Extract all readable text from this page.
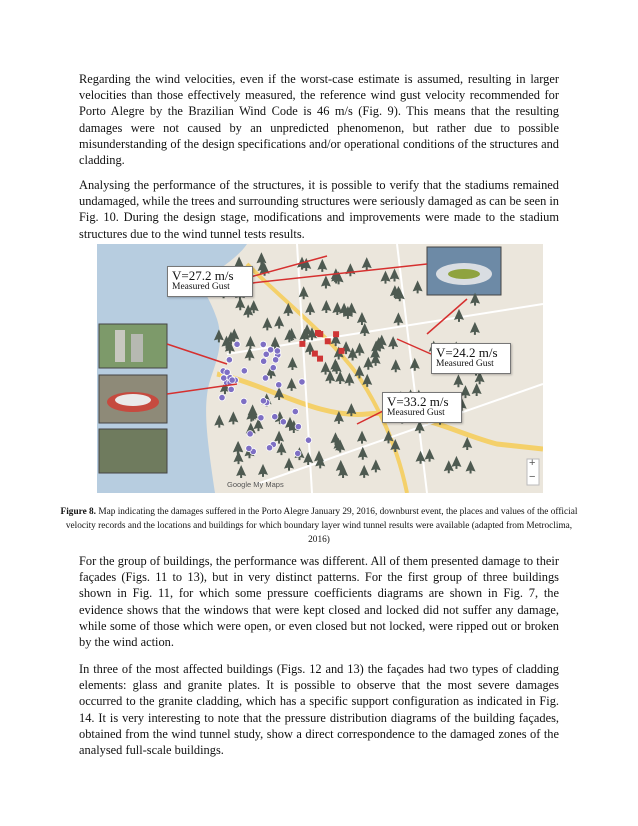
Regarding the wind velocities, even if the worst-case estimate is assumed, resulting in larger velocities than those effectively measured, the reference wind gust velocity recommended for Porto Alegre by the Brazilian Wind Code is 46 m/s (Fig. 9). This means that the resulting damages were not caused by an unpredicted phenomenon, but rather due to possible misunderstanding of the design specifications and/or operational conditions of the structures and cladding.

Analysing the performance of the structures, it is possible to verify that the stadiums remained undamaged, while the trees and surrounding structures were seriously damaged as can be seen in Fig. 10. During the design stage, modifications and improvements were made to the stadium structures due to the wind tunnel tests results.

+
−
V=27.2 m/s
Measured Gust
V=24.2 m/s
Measured Gust
V=33.2 m/s
Measured Gust
Google My Maps

Figure 8. Map indicating the damages suffered in the Porto Alegre January 29, 2016, downburst event, the places and values of the official velocity records and the locations and buildings for which boundary layer wind tunnel results were available (adapted from Metroclima, 2016)

For the group of buildings, the performance was different. All of them presented damage to their façades (Figs. 11 to 13), but in very distinct patterns. For the first group of three buildings shown in Fig. 11, for which some pressure coefficients diagrams are shown in Fig. 7, the evidence shows that the windows that were kept closed and locked did not suffer any damage, while some of those which were open, or even closed but not locked, were ripped out or broken by the wind action.

In three of the most affected buildings (Figs. 12 and 13) the façades had two types of cladding elements: glass and granite plates. It is possible to observe that the most severe damages occurred to the granite cladding, which has a specific support configuration as indicated in Fig. 14. It is very interesting to note that the pressure distribution diagrams of the building façades, obtained from the wind tunnel study, show a direct correspondence to the damaged zones of the analysed full-scale buildings.
